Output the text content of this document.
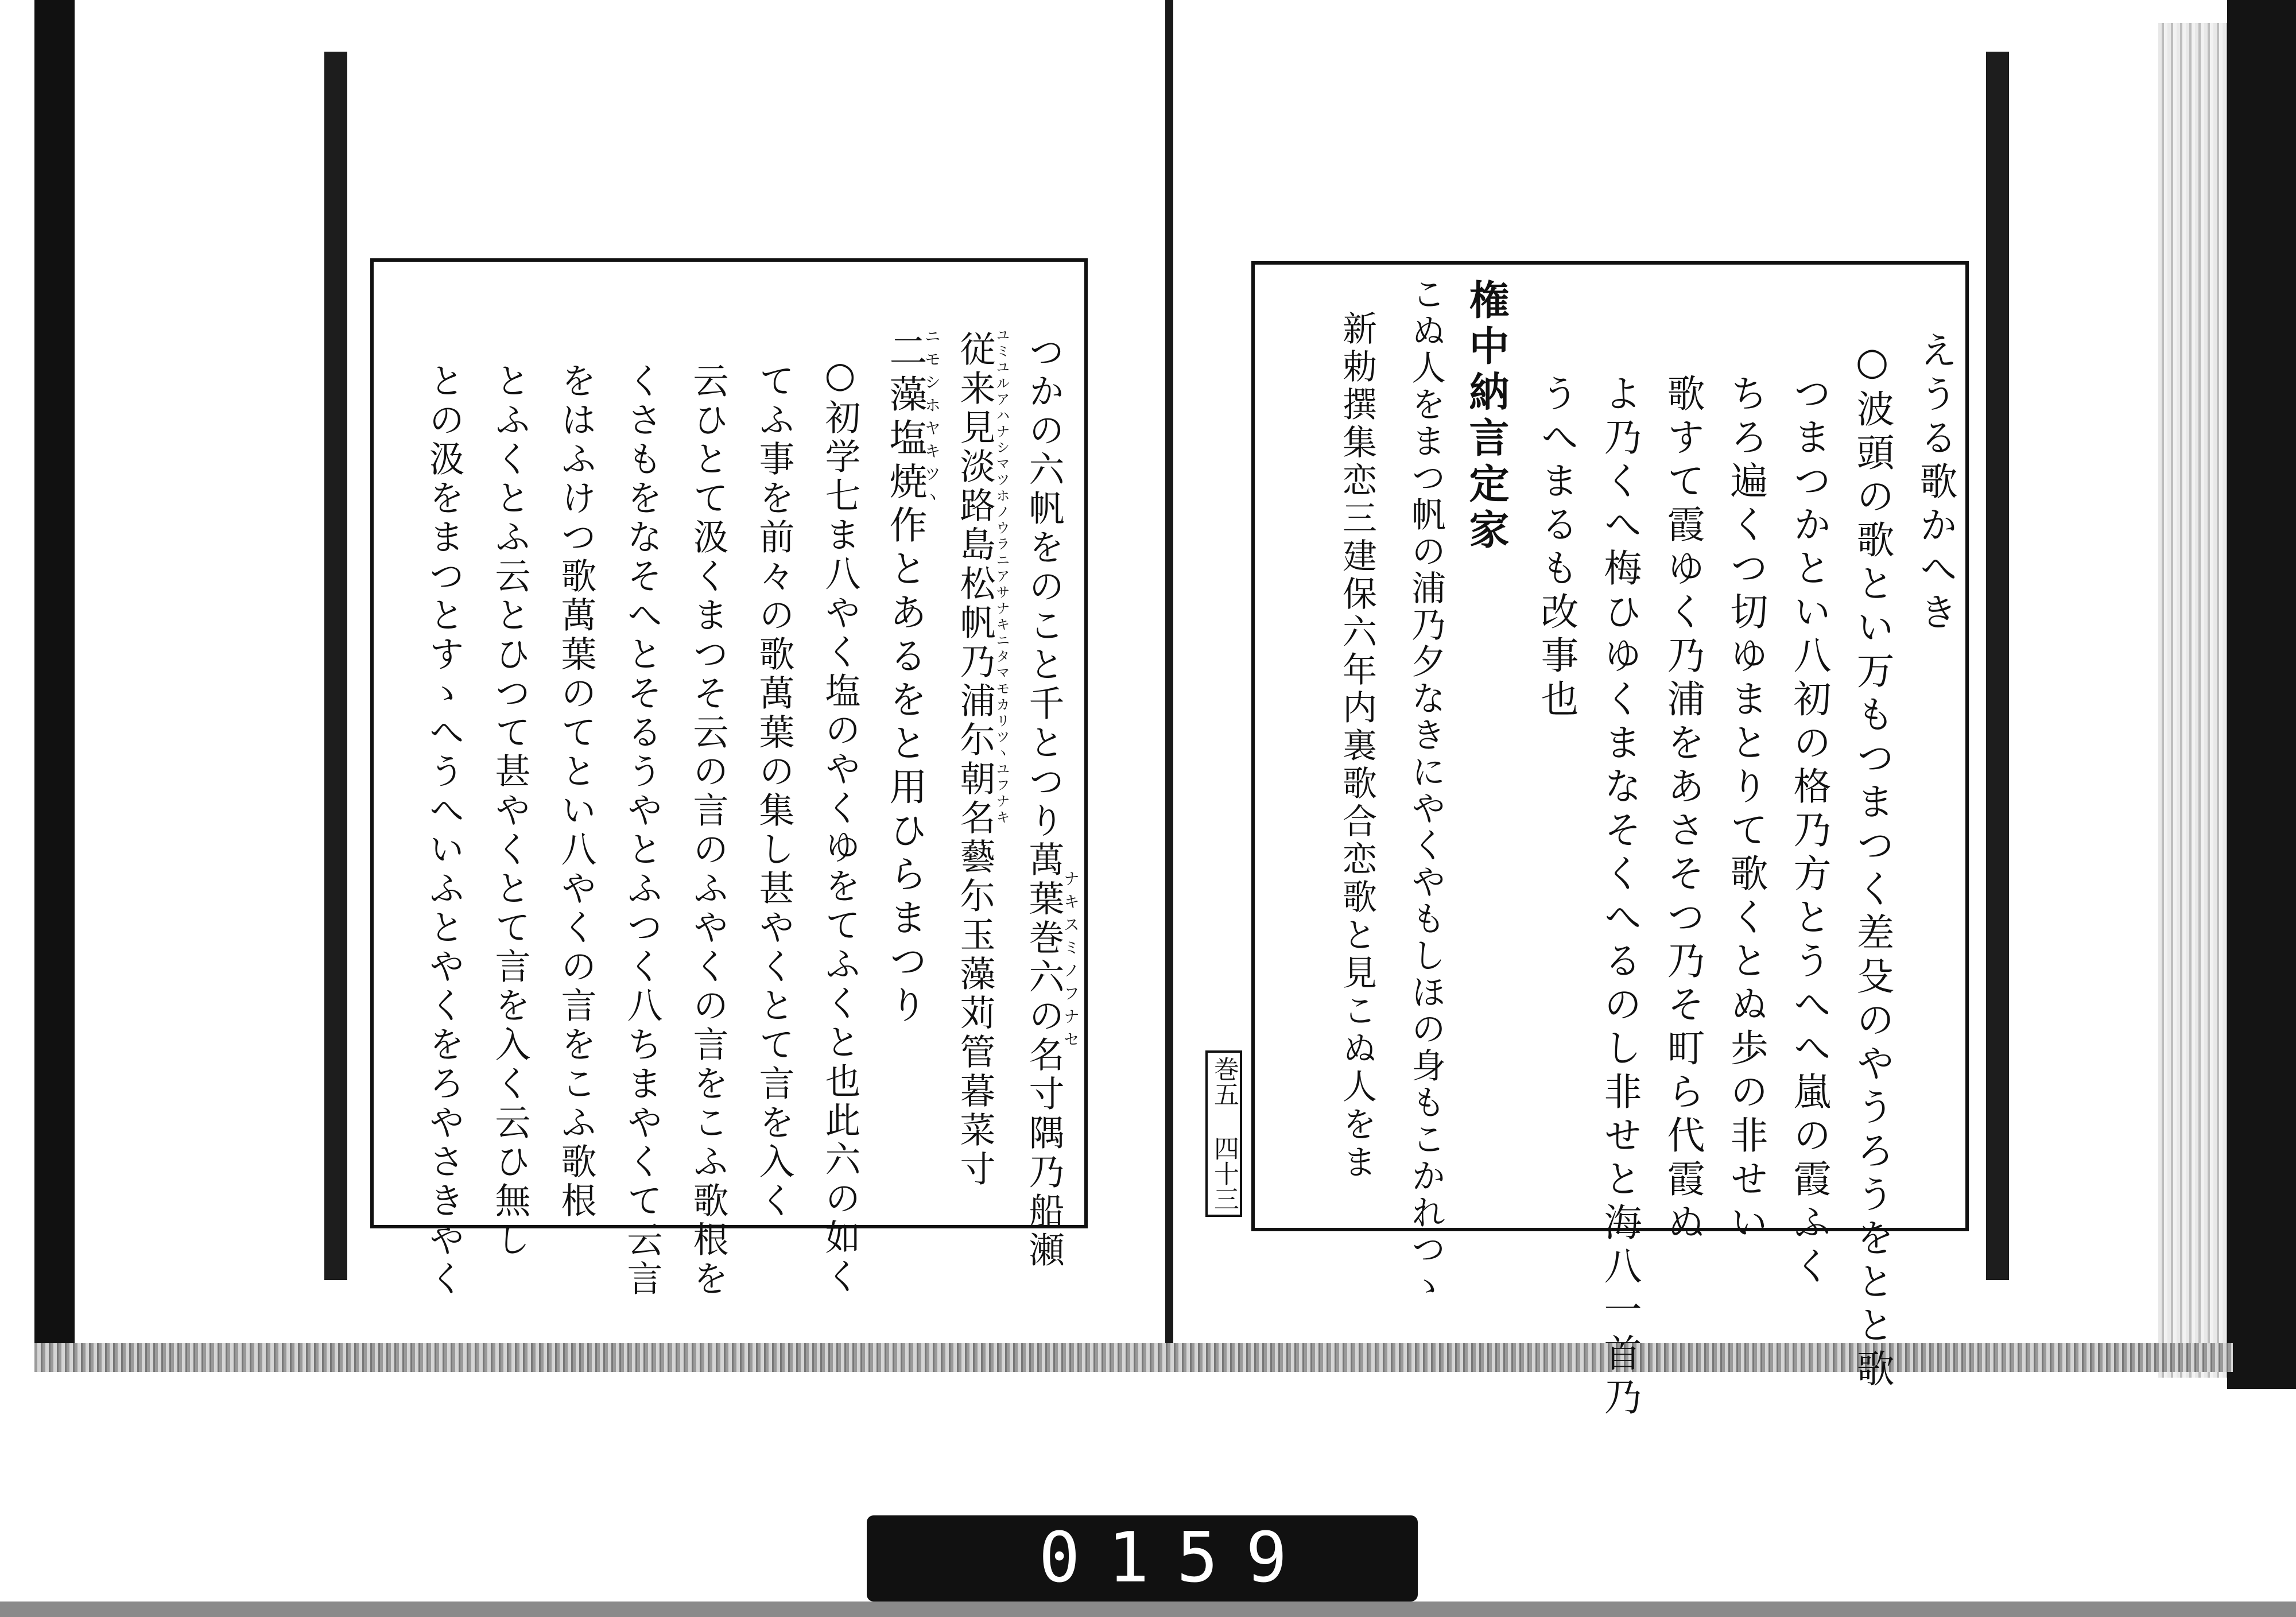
えうる歌かへき
○波頭の歌とい万もつまつく差殳のやうろうをとと歌
つまつかとい八初の格乃方とうへへ嵐の霞ふく
ちろ遍くつ切ゆまとりて歌くとぬ歩の非せい
歌すて霞ゆく乃浦をあさそつ乃そ町ら代霞ぬ
よ乃くへ梅ひゆくまなそくへるのし非せと海八一首乃
うへまるも改事也
権中納言定家
こぬ人をまつ帆の浦乃夕なきにやくやもしほの身もこかれつゝ
新勅撰集恋三建保六年内裏歌合恋歌と見こぬ人をま
巻五
四十三
ナキスミノフナセ
つかの六帆をのこと千とつり萬葉巻六の名寸隅乃船瀬
ユミユルアハナシマツホノウラニアサナキニタマモカリツヽユフナキ
従来見淡路島松帆乃浦尓朝名藝尓玉藻苅管暮菜寸
ニモシホヤキツヽ
二藻塩焼作とあるをと用ひらまつり
○初学七ま八やく塩のやくゆをてふくと也此六の如く
てふ事を前々の歌萬葉の集し甚やくとて言を入く
云ひとて汲くまつそ云の言のふやくの言をこふ歌根を
くさもをなそへとそるうやとふつく八ちまやくて云言
をはふけつ歌萬葉のてとい八やくの言をこふ歌根
とふくとふ云とひつて甚やくとて言を入く云ひ無し
との汲をまつとすゝへうへいふとやくをろやさきやく
0159
